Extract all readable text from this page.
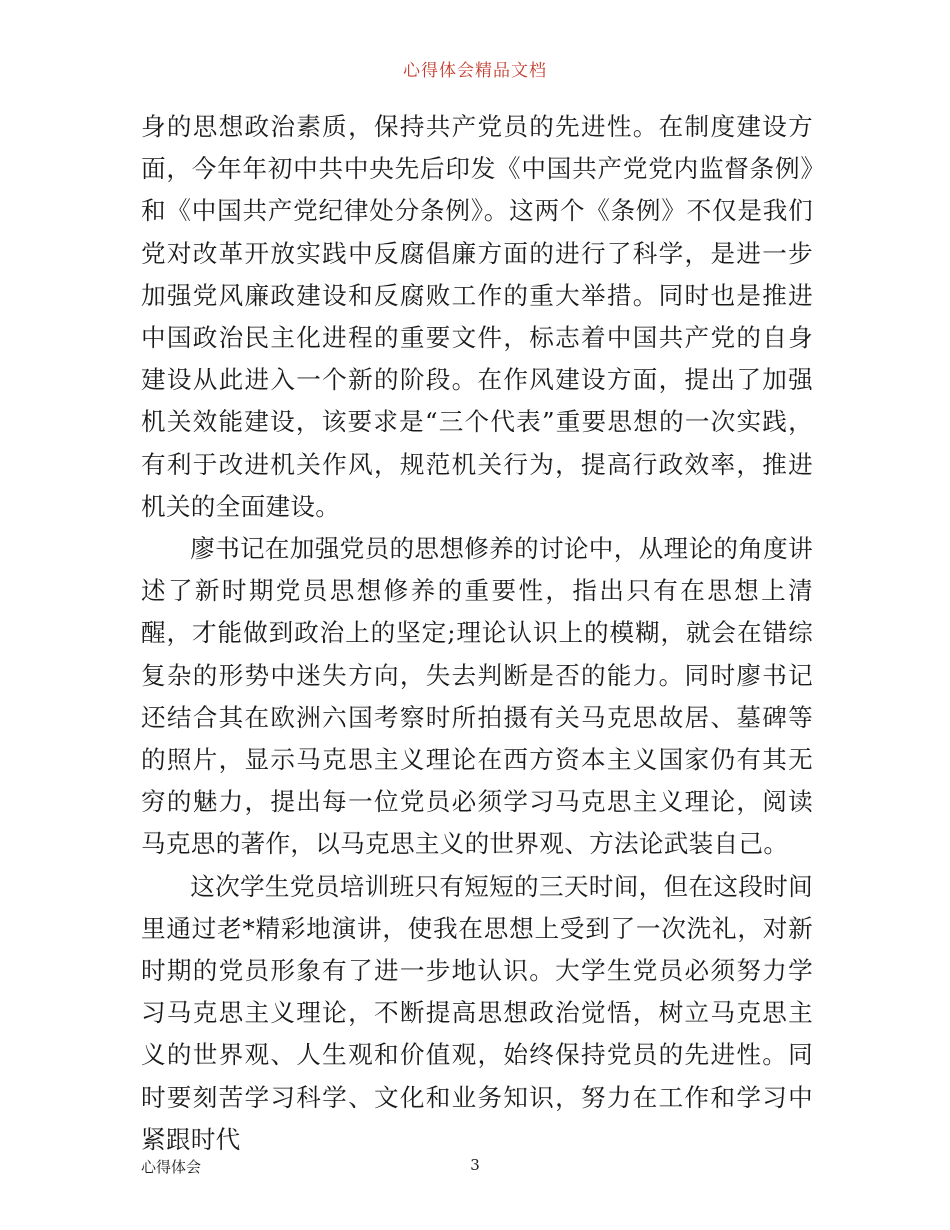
心得体会精品文档

身的思想政治素质，保持共产党员的先进性。在制度建设方面，今年年初中共中央先后印发《中国共产党党内监督条例》和《中国共产党纪律处分条例》。这两个《条例》不仅是我们党对改革开放实践中反腐倡廉方面的进行了科学，是进一步加强党风廉政建设和反腐败工作的重大举措。同时也是推进中国政治民主化进程的重要文件，标志着中国共产党的自身建设从此进入一个新的阶段。在作风建设方面，提出了加强机关效能建设，该要求是“三个代表”重要思想的一次实践，有利于改进机关作风，规范机关行为，提高行政效率，推进机关的全面建设。

廖书记在加强党员的思想修养的讨论中，从理论的角度讲述了新时期党员思想修养的重要性，指出只有在思想上清醒，才能做到政治上的坚定;理论认识上的模糊，就会在错综复杂的形势中迷失方向，失去判断是否的能力。同时廖书记还结合其在欧洲六国考察时所拍摄有关马克思故居、墓碑等的照片，显示马克思主义理论在西方资本主义国家仍有其无穷的魅力，提出每一位党员必须学习马克思主义理论，阅读马克思的著作，以马克思主义的世界观、方法论武装自己。

这次学生党员培训班只有短短的三天时间，但在这段时间里通过老*精彩地演讲，使我在思想上受到了一次洗礼，对新时期的党员形象有了进一步地认识。大学生党员必须努力学习马克思主义理论，不断提高思想政治觉悟，树立马克思主义的世界观、人生观和价值观，始终保持党员的先进性。同时要刻苦学习科学、文化和业务知识，努力在工作和学习中紧跟时代

心得体会	3
